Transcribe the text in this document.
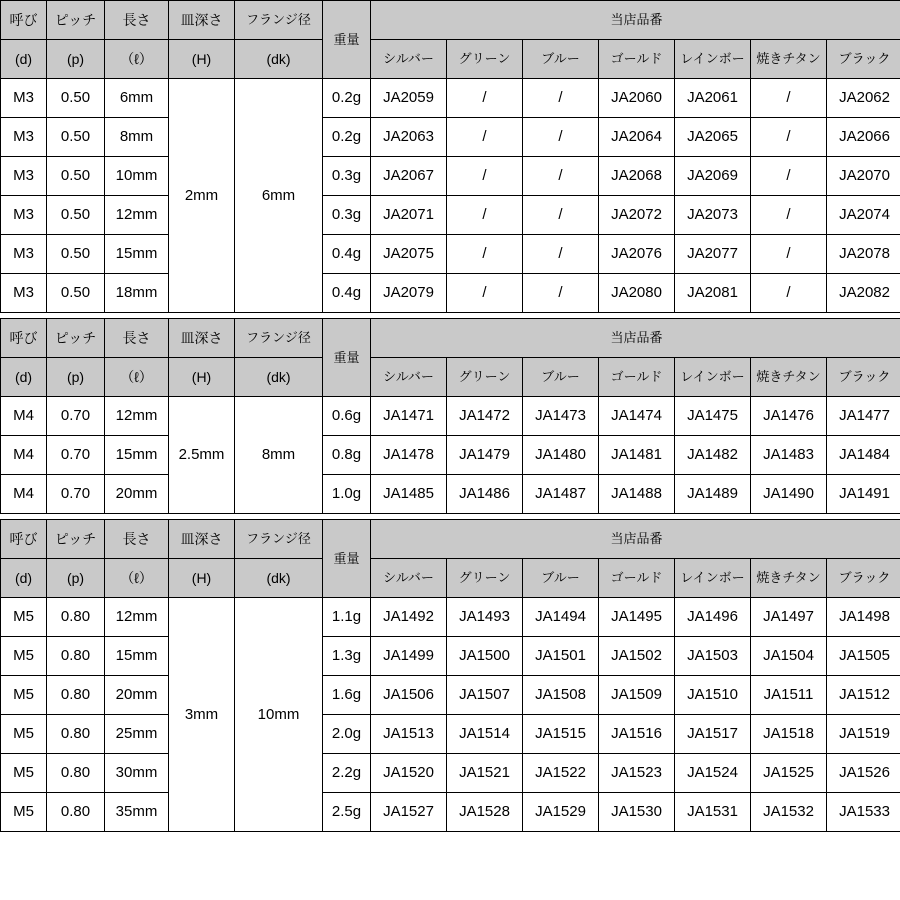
呼び	ピッチ	長さ	皿深さ	フランジ径	重量	当店品番						
(d)	(p)	（ℓ）	(H)	(dk)		シルバー	グリーン	ブルー	ゴールド	レインボー	焼きチタン	ブラック
M3	0.50	6mm	2mm	6mm	0.2g	JA2059	/	/	JA2060	JA2061	/	JA2062
M3	0.50	8mm			0.2g	JA2063	/	/	JA2064	JA2065	/	JA2066
M3	0.50	10mm			0.3g	JA2067	/	/	JA2068	JA2069	/	JA2070
M3	0.50	12mm			0.3g	JA2071	/	/	JA2072	JA2073	/	JA2074
M3	0.50	15mm			0.4g	JA2075	/	/	JA2076	JA2077	/	JA2078
M3	0.50	18mm			0.4g	JA2079	/	/	JA2080	JA2081	/	JA2082
呼び	ピッチ	長さ	皿深さ	フランジ径	重量	当店品番						
(d)	(p)	（ℓ）	(H)	(dk)		シルバー	グリーン	ブルー	ゴールド	レインボー	焼きチタン	ブラック
M4	0.70	12mm	2.5mm	8mm	0.6g	JA1471	JA1472	JA1473	JA1474	JA1475	JA1476	JA1477
M4	0.70	15mm			0.8g	JA1478	JA1479	JA1480	JA1481	JA1482	JA1483	JA1484
M4	0.70	20mm			1.0g	JA1485	JA1486	JA1487	JA1488	JA1489	JA1490	JA1491
呼び	ピッチ	長さ	皿深さ	フランジ径	重量	当店品番						
(d)	(p)	（ℓ）	(H)	(dk)		シルバー	グリーン	ブルー	ゴールド	レインボー	焼きチタン	ブラック
M5	0.80	12mm	3mm	10mm	1.1g	JA1492	JA1493	JA1494	JA1495	JA1496	JA1497	JA1498
M5	0.80	15mm			1.3g	JA1499	JA1500	JA1501	JA1502	JA1503	JA1504	JA1505
M5	0.80	20mm			1.6g	JA1506	JA1507	JA1508	JA1509	JA1510	JA1511	JA1512
M5	0.80	25mm			2.0g	JA1513	JA1514	JA1515	JA1516	JA1517	JA1518	JA1519
M5	0.80	30mm			2.2g	JA1520	JA1521	JA1522	JA1523	JA1524	JA1525	JA1526
M5	0.80	35mm			2.5g	JA1527	JA1528	JA1529	JA1530	JA1531	JA1532	JA1533
